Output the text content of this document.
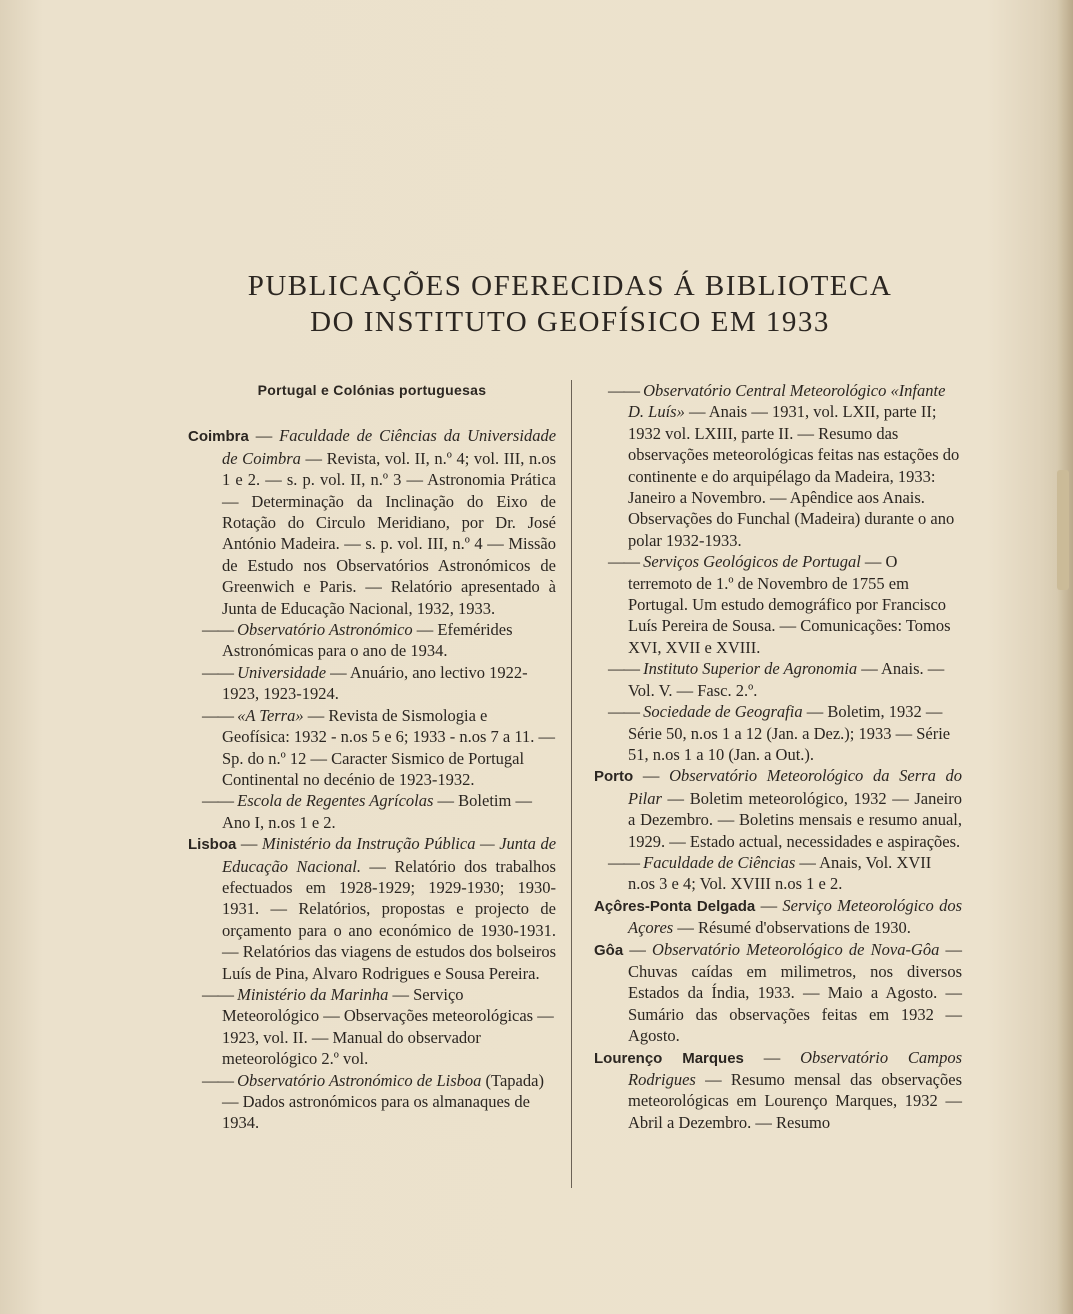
PUBLICAÇÕES OFERECIDAS Á BIBLIOTECA
DO INSTITUTO GEOFÍSICO EM 1933
Portugal e Colónias portuguesas
Coimbra — Faculdade de Ciências da Universidade de Coimbra — Revista, vol. II, n.º 4; vol. III, n.os 1 e 2. — s. p. vol. II, n.º 3 — Astronomia Prática — Determinação da Inclinação do Eixo de Rotação do Circulo Meridiano, por Dr. José António Madeira. — s. p. vol. III, n.º 4 — Missão de Estudo nos Observatórios Astronómicos de Greenwich e Paris. — Relatório apresentado à Junta de Educação Nacional, 1932, 1933.
—— Observatório Astronómico — Efemérides Astronómicas para o ano de 1934.
—— Universidade — Anuário, ano lectivo 1922-1923, 1923-1924.
—— «A Terra» — Revista de Sismologia e Geofísica: 1932 - n.os 5 e 6; 1933 - n.os 7 a 11. — Sp. do n.º 12 — Caracter Sismico de Portugal Continental no decénio de 1923-1932.
—— Escola de Regentes Agrícolas — Boletim — Ano I, n.os 1 e 2.
Lisboa — Ministério da Instrução Pública — Junta de Educação Nacional. — Relatório dos trabalhos efectuados em 1928-1929; 1929-1930; 1930-1931. — Relatórios, propostas e projecto de orçamento para o ano económico de 1930-1931. — Relatórios das viagens de estudos dos bolseiros Luís de Pina, Alvaro Rodrigues e Sousa Pereira.
—— Ministério da Marinha — Serviço Meteorológico — Observações meteorológicas — 1923, vol. II. — Manual do observador meteorológico 2.º vol.
—— Observatório Astronómico de Lisboa (Tapada) — Dados astronómicos para os almanaques de 1934.
—— Observatório Central Meteorológico «Infante D. Luís» — Anais — 1931, vol. LXII, parte II; 1932 vol. LXIII, parte II. — Resumo das observações meteorológicas feitas nas estações do continente e do arquipélago da Madeira, 1933: Janeiro a Novembro. — Apêndice aos Anais. Observações do Funchal (Madeira) durante o ano polar 1932-1933.
—— Serviços Geológicos de Portugal — O terremoto de 1.º de Novembro de 1755 em Portugal. Um estudo demográfico por Francisco Luís Pereira de Sousa. — Comunicações: Tomos XVI, XVII e XVIII.
—— Instituto Superior de Agronomia — Anais. — Vol. V. — Fasc. 2.º.
—— Sociedade de Geografia — Boletim, 1932 — Série 50, n.os 1 a 12 (Jan. a Dez.); 1933 — Série 51, n.os 1 a 10 (Jan. a Out.).
Porto — Observatório Meteorológico da Serra do Pilar — Boletim meteorológico, 1932 — Janeiro a Dezembro. — Boletins mensais e resumo anual, 1929. — Estado actual, necessidades e aspirações.
—— Faculdade de Ciências — Anais, Vol. XVII n.os 3 e 4; Vol. XVIII n.os 1 e 2.
Açôres-Ponta Delgada — Serviço Meteorológico dos Açores — Résumé d'observations de 1930.
Gôa — Observatório Meteorológico de Nova-Gôa — Chuvas caídas em milimetros, nos diversos Estados da Índia, 1933. — Maio a Agosto. — Sumário das observações feitas em 1932 — Agosto.
Lourenço Marques — Observatório Campos Rodrigues — Resumo mensal das observações meteorológicas em Lourenço Marques, 1932 — Abril a Dezembro. — Resumo
